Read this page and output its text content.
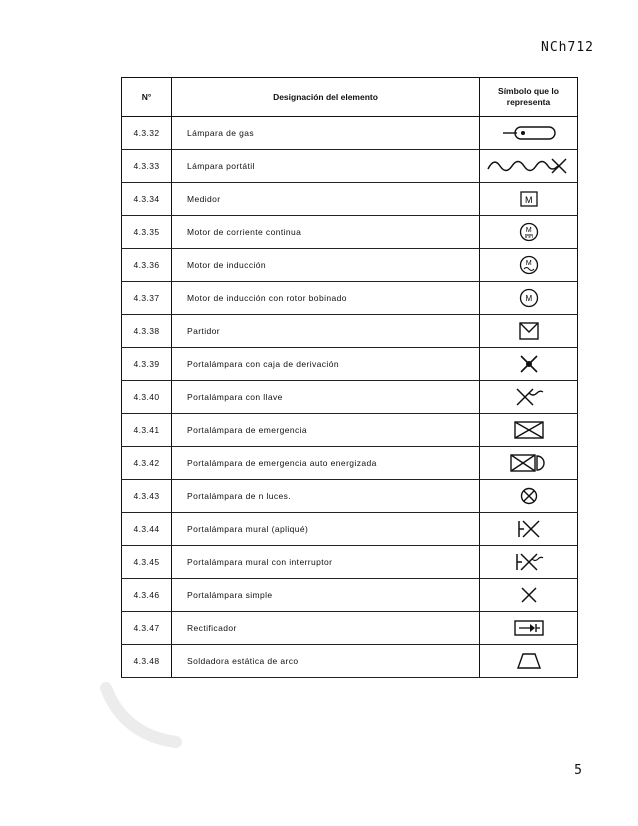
NCh712
N°	Designación del elemento	Símbolo que lo representa
4.3.32	Lámpara de gas	

4.3.33	Lámpara portátil	

4.3.34	Medidor	M

4.3.35	Motor de corriente continua	M

4.3.36	Motor de inducción	M

4.3.37	Motor de inducción con rotor bobinado	M

4.3.38	Partidor	

4.3.39	Portalámpara con caja de derivación	

4.3.40	Portalámpara con llave	

4.3.41	Portalámpara de emergencia	

4.3.42	Portalámpara de emergencia auto energizada	

4.3.43	Portalámpara de n luces.	

4.3.44	Portalámpara mural (apliqué)	

4.3.45	Portalámpara mural con interruptor	

4.3.46	Portalámpara simple	

4.3.47	Rectificador	

4.3.48	Soldadora estática de arco	
5
